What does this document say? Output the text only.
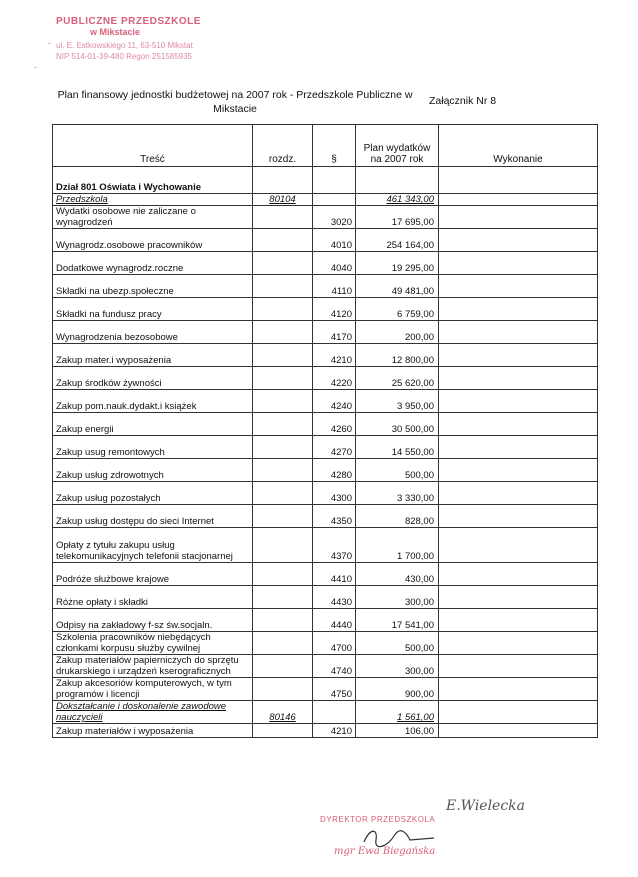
PUBLICZNE PRZEDSZKOLE
w Mikstacie
ul. E. Estkowskiego 11, 63-510 Mikstat
NIP 514-01-39-480 Regon 251585935
-
-
Plan finansowy jednostki budżetowej na 2007 rok - Przedszkole Publiczne w Mikstacie
Załącznik Nr 8
Treść	rozdz.	§	Plan wydatków na 2007 rok	Wykonanie
Dział 801 Oświata i Wychowanie				
Przedszkola	80104		461 343,00	
Wydatki osobowe nie zaliczane o wynagrodzeń		3020	17 695,00	
Wynagrodz.osobowe pracowników		4010	254 164,00	
Dodatkowe wynagrodz.roczne		4040	19 295,00	
Składki na ubezp.społeczne		4110	49 481,00	
Składki na fundusz pracy		4120	6 759,00	
Wynagrodzenia bezosobowe		4170	200,00	
Zakup mater.i wyposażenia		4210	12 800,00	
Zakup środków żywności		4220	25 620,00	
Zakup pom.nauk.dydakt.i książek		4240	3 950,00	
Zakup energii		4260	30 500,00	
Zakup usug remontowych		4270	14 550,00	
Zakup usług zdrowotnych		4280	500,00	
Zakup usług pozostałych		4300	3 330,00	
Zakup usług dostępu do sieci Internet		4350	828,00	
Opłaty z tytułu zakupu usług telekomunikacyjnych telefonii stacjonarnej		4370	1 700,00	
Podróże służbowe krajowe		4410	430,00	
Różne opłaty i składki		4430	300,00	
Odpisy na zakładowy f-sz św.socjaln.		4440	17 541,00	
Szkolenia pracowników niebędących członkami korpusu służby cywilnej		4700	500,00	
Zakup materiałów papierniczych do sprzętu drukarskiego i urządzeń kserograficznych		4740	300,00	
Zakup akcesoriów komputerowych, w tym programów i licencji		4750	900,00	
Dokształcanie i doskonalenie zawodowe nauczycieli	80146		1 561,00	
Zakup materiałów i wyposażenia		4210	106,00	
DYREKTOR PRZEDSZKOLA
mgr Ewa Biegańska
E.Wielecka
